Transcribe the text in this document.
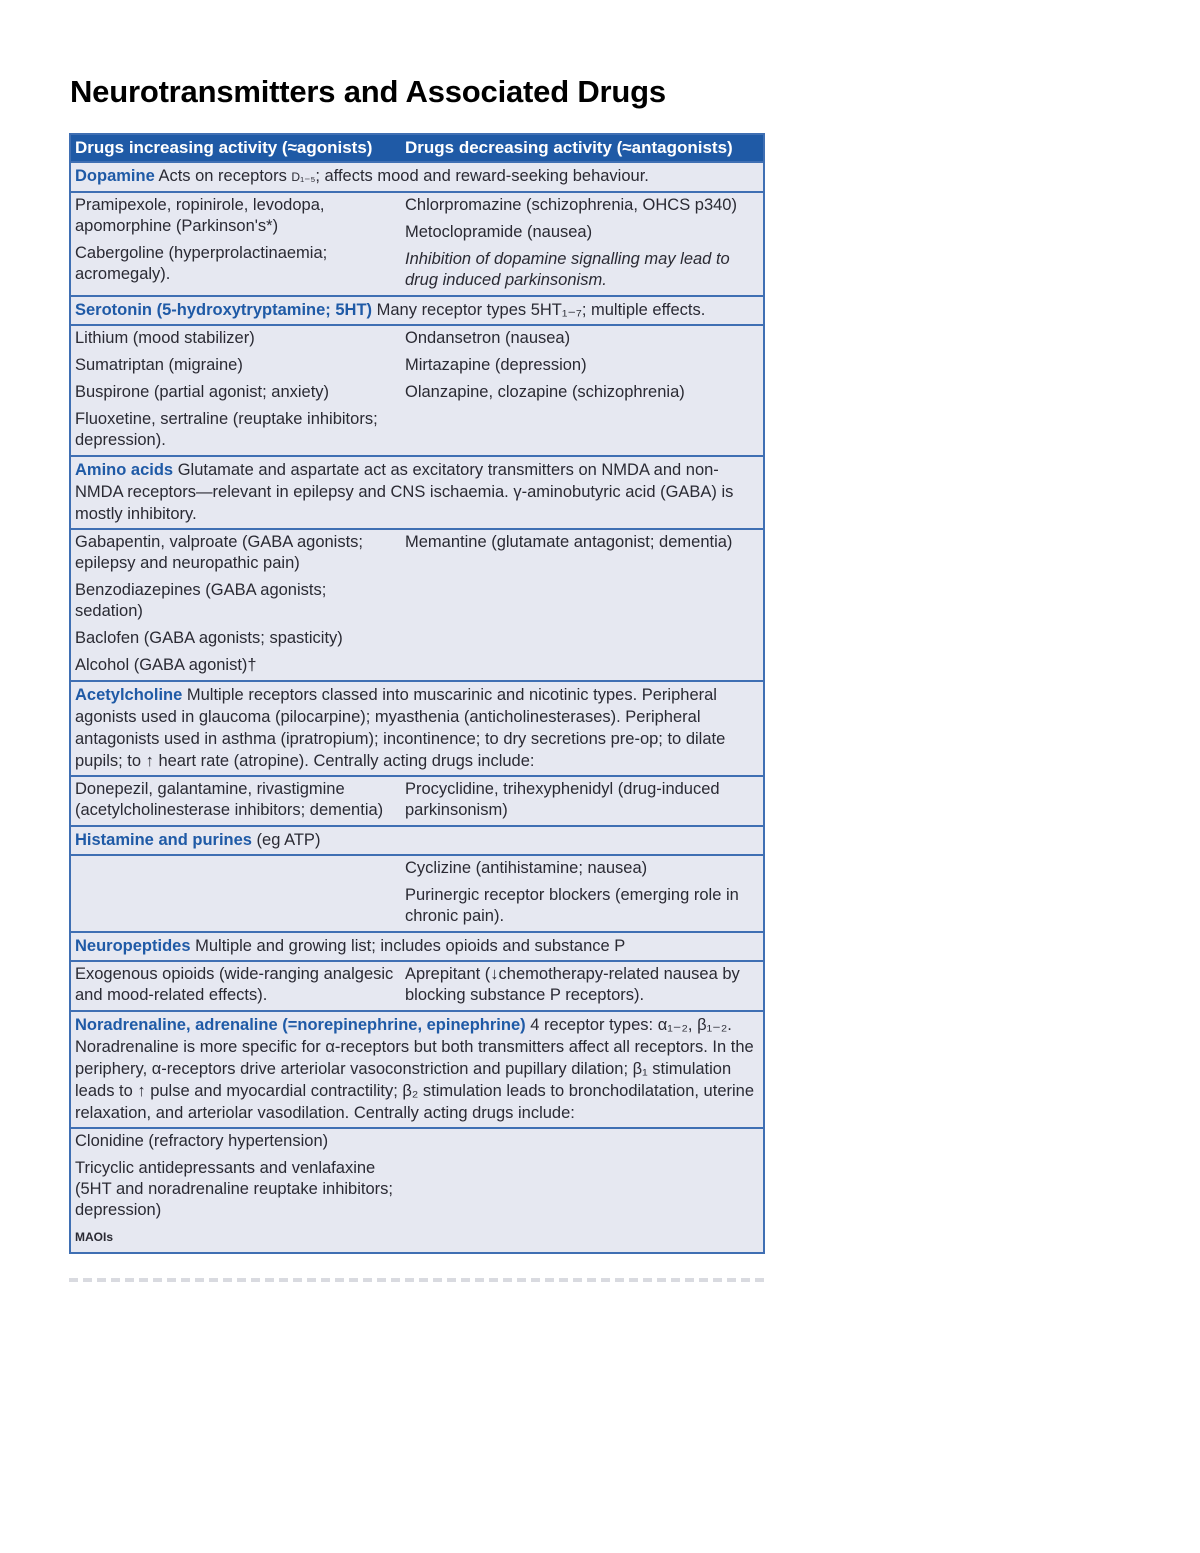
Neurotransmitters and Associated Drugs
Drugs increasing activity (≈agonists)	Drugs decreasing activity (≈antagonists)
Dopamine Acts on receptors D₁₋₅; affects mood and reward-seeking behaviour.
Pramipexole, ropinirole, levodopa, apomorphine (Parkinson's*)
Cabergoline (hyperprolactinaemia; acromegaly).
Chlorpromazine (schizophrenia, OHCS p340)
Metoclopramide (nausea)
Inhibition of dopamine signalling may lead to drug induced parkinsonism.
Serotonin (5-hydroxytryptamine; 5HT) Many receptor types 5HT₁₋₇; multiple effects.
Lithium (mood stabilizer)
Sumatriptan (migraine)
Buspirone (partial agonist; anxiety)
Fluoxetine, sertraline (reuptake inhibitors; depression).
Ondansetron (nausea)
Mirtazapine (depression)
Olanzapine, clozapine (schizophrenia)
Amino acids Glutamate and aspartate act as excitatory transmitters on NMDA and non-NMDA receptors—relevant in epilepsy and CNS ischaemia. γ-aminobutyric acid (GABA) is mostly inhibitory.
Gabapentin, valproate (GABA agonists; epilepsy and neuropathic pain)
Benzodiazepines (GABA agonists; sedation)
Baclofen (GABA agonists; spasticity)
Alcohol (GABA agonist)†
Memantine (glutamate antagonist; dementia)
Acetylcholine Multiple receptors classed into muscarinic and nicotinic types. Peripheral agonists used in glaucoma (pilocarpine); myasthenia (anticholinesterases). Peripheral antagonists used in asthma (ipratropium); incontinence; to dry secretions pre-op; to dilate pupils; to ↑ heart rate (atropine). Centrally acting drugs include:
Donepezil, galantamine, rivastigmine (acetylcholinesterase inhibitors; dementia)
Procyclidine, trihexyphenidyl (drug-induced parkinsonism)
Histamine and purines (eg ATP)
Cyclizine (antihistamine; nausea)
Purinergic receptor blockers (emerging role in chronic pain).
Neuropeptides Multiple and growing list; includes opioids and substance P
Exogenous opioids (wide-ranging analgesic and mood-related effects).
Aprepitant (↓chemotherapy-related nausea by blocking substance P receptors).
Noradrenaline, adrenaline (=norepinephrine, epinephrine) 4 receptor types: α₁₋₂, β₁₋₂. Noradrenaline is more specific for α-receptors but both transmitters affect all receptors. In the periphery, α-receptors drive arteriolar vasoconstriction and pupillary dilation; β₁ stimulation leads to ↑ pulse and myocardial contractility; β₂ stimulation leads to bronchodilatation, uterine relaxation, and arteriolar vasodilation. Centrally acting drugs include:
Clonidine (refractory hypertension)
Tricyclic antidepressants and venlafaxine (5HT and noradrenaline reuptake inhibitors; depression)
MAOIs
